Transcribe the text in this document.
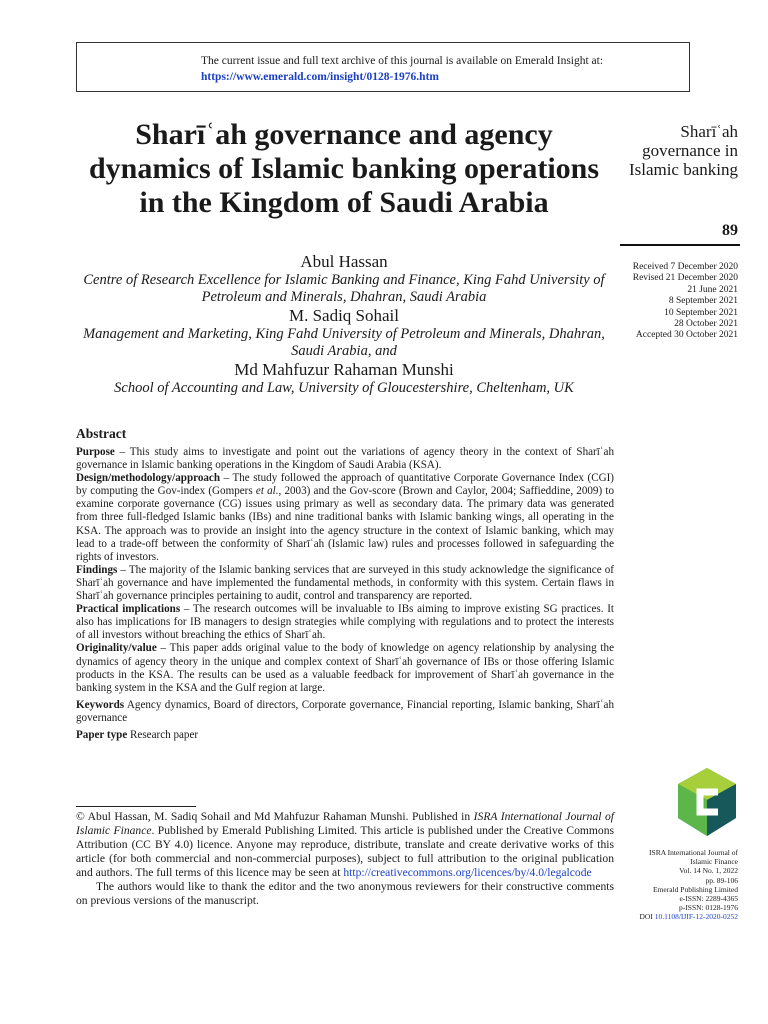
The current issue and full text archive of this journal is available on Emerald Insight at:
https://www.emerald.com/insight/0128-1976.htm
Sharīʿah governance and agency dynamics of Islamic banking operations in the Kingdom of Saudi Arabia
Abul Hassan
Centre of Research Excellence for Islamic Banking and Finance, King Fahd University of Petroleum and Minerals, Dhahran, Saudi Arabia
M. Sadiq Sohail
Management and Marketing, King Fahd University of Petroleum and Minerals, Dhahran, Saudi Arabia, and
Md Mahfuzur Rahaman Munshi
School of Accounting and Law, University of Gloucestershire, Cheltenham, UK
Sharīʿah governance in Islamic banking
89
Received 7 December 2020
Revised 21 December 2020
21 June 2021
8 September 2021
10 September 2021
28 October 2021
Accepted 30 October 2021
Abstract

Purpose – This study aims to investigate and point out the variations of agency theory in the context of Sharīʿah governance in Islamic banking operations in the Kingdom of Saudi Arabia (KSA).

Design/methodology/approach – The study followed the approach of quantitative Corporate Governance Index (CGI) by computing the Gov-index (Gompers et al., 2003) and the Gov-score (Brown and Caylor, 2004; Saffieddine, 2009) to examine corporate governance (CG) issues using primary as well as secondary data. The primary data was generated from three full-fledged Islamic banks (IBs) and nine traditional banks with Islamic banking wings, all operating in the KSA. The approach was to provide an insight into the agency structure in the context of Islamic banking, which may lead to a trade-off between the conformity of Sharīʿah (Islamic law) rules and processes followed in safeguarding the rights of investors.

Findings – The majority of the Islamic banking services that are surveyed in this study acknowledge the significance of Sharīʿah governance and have implemented the fundamental methods, in conformity with this system. Certain flaws in Sharīʿah governance principles pertaining to audit, control and transparency are reported.

Practical implications – The research outcomes will be invaluable to IBs aiming to improve existing SG practices. It also has implications for IB managers to design strategies while complying with regulations and to protect the interests of all investors without breaching the ethics of Sharīʿah.

Originality/value – This paper adds original value to the body of knowledge on agency relationship by analysing the dynamics of agency theory in the unique and complex context of Sharīʿah governance of IBs or those offering Islamic products in the KSA. The results can be used as a valuable feedback for improvement of Sharīʿah governance in the banking system in the KSA and the Gulf region at large.

Keywords Agency dynamics, Board of directors, Corporate governance, Financial reporting, Islamic banking, Sharīʿah governance

Paper type Research paper

© Abul Hassan, M. Sadiq Sohail and Md Mahfuzur Rahaman Munshi. Published in ISRA International Journal of Islamic Finance. Published by Emerald Publishing Limited. This article is published under the Creative Commons Attribution (CC BY 4.0) licence. Anyone may reproduce, distribute, translate and create derivative works of this article (for both commercial and non-commercial purposes), subject to full attribution to the original publication and authors. The full terms of this licence may be seen at http://creativecommons.org/licences/by/4.0/legalcode

The authors would like to thank the editor and the two anonymous reviewers for their constructive comments on previous versions of the manuscript.

ISRA International Journal of
Islamic Finance
Vol. 14 No. 1, 2022
pp. 89-106
Emerald Publishing Limited
e-ISSN: 2289-4365
p-ISSN: 0128-1976
DOI 10.1108/IJIF-12-2020-0252
